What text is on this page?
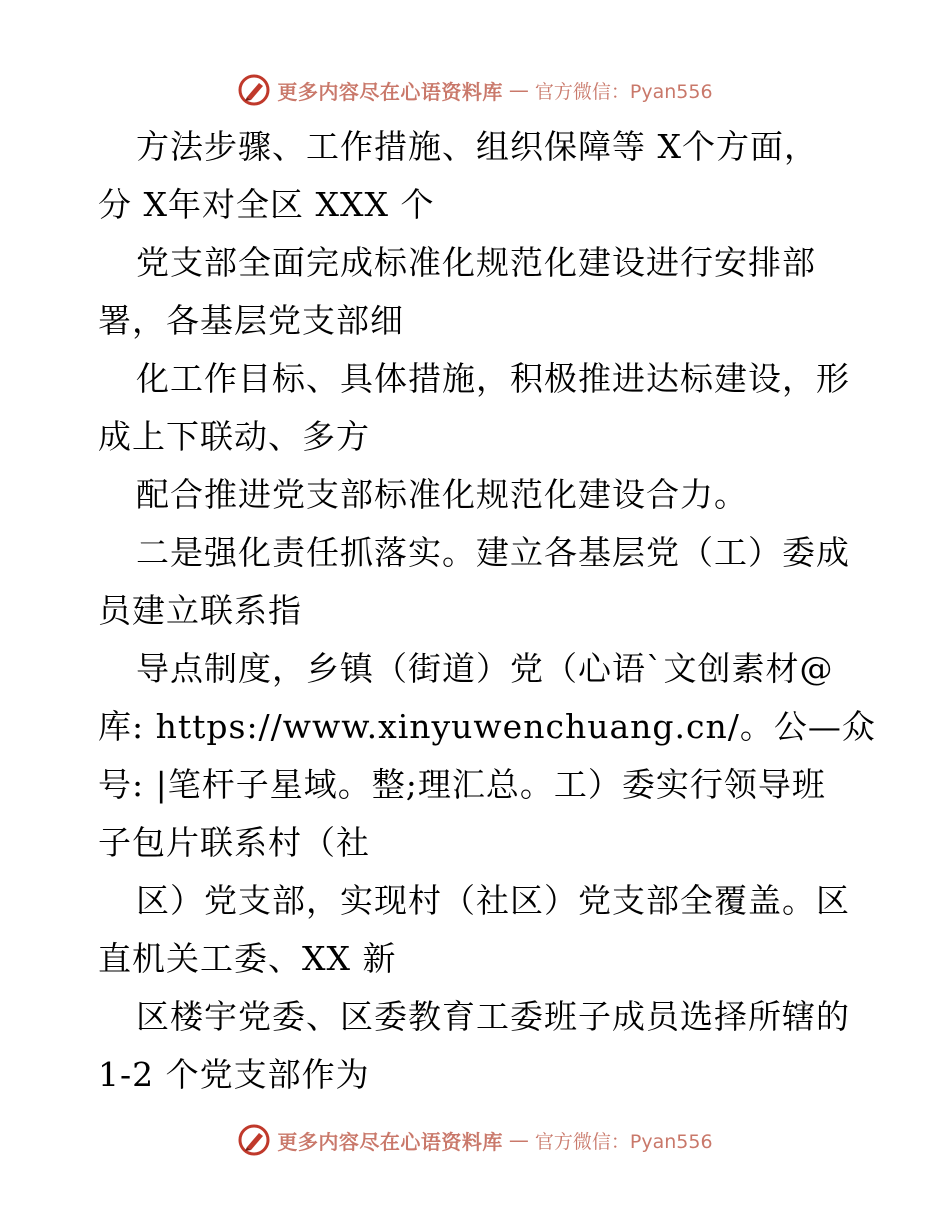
更多内容尽在心语资料库 — 官方微信：Pyan556
方法步骤、工作措施、组织保障等 X个方面，
分 X年对全区 XXX 个
党支部全面完成标准化规范化建设进行安排部
署，各基层党支部细
化工作目标、具体措施，积极推进达标建设，形
成上下联动、多方
配合推进党支部标准化规范化建设合力。
二是强化责任抓落实。建立各基层党（工）委成
员建立联系指
导点制度，乡镇（街道）党（心语`文创素材@
库: https://www.xinyuwenchuang.cn/。公—众
号: |笔杆子星域。整;理汇总。工）委实行领导班
子包片联系村（社
区）党支部，实现村（社区）党支部全覆盖。区
直机关工委、XX 新
区楼宇党委、区委教育工委班子成员选择所辖的
1-2 个党支部作为
更多内容尽在心语资料库 — 官方微信：Pyan556
